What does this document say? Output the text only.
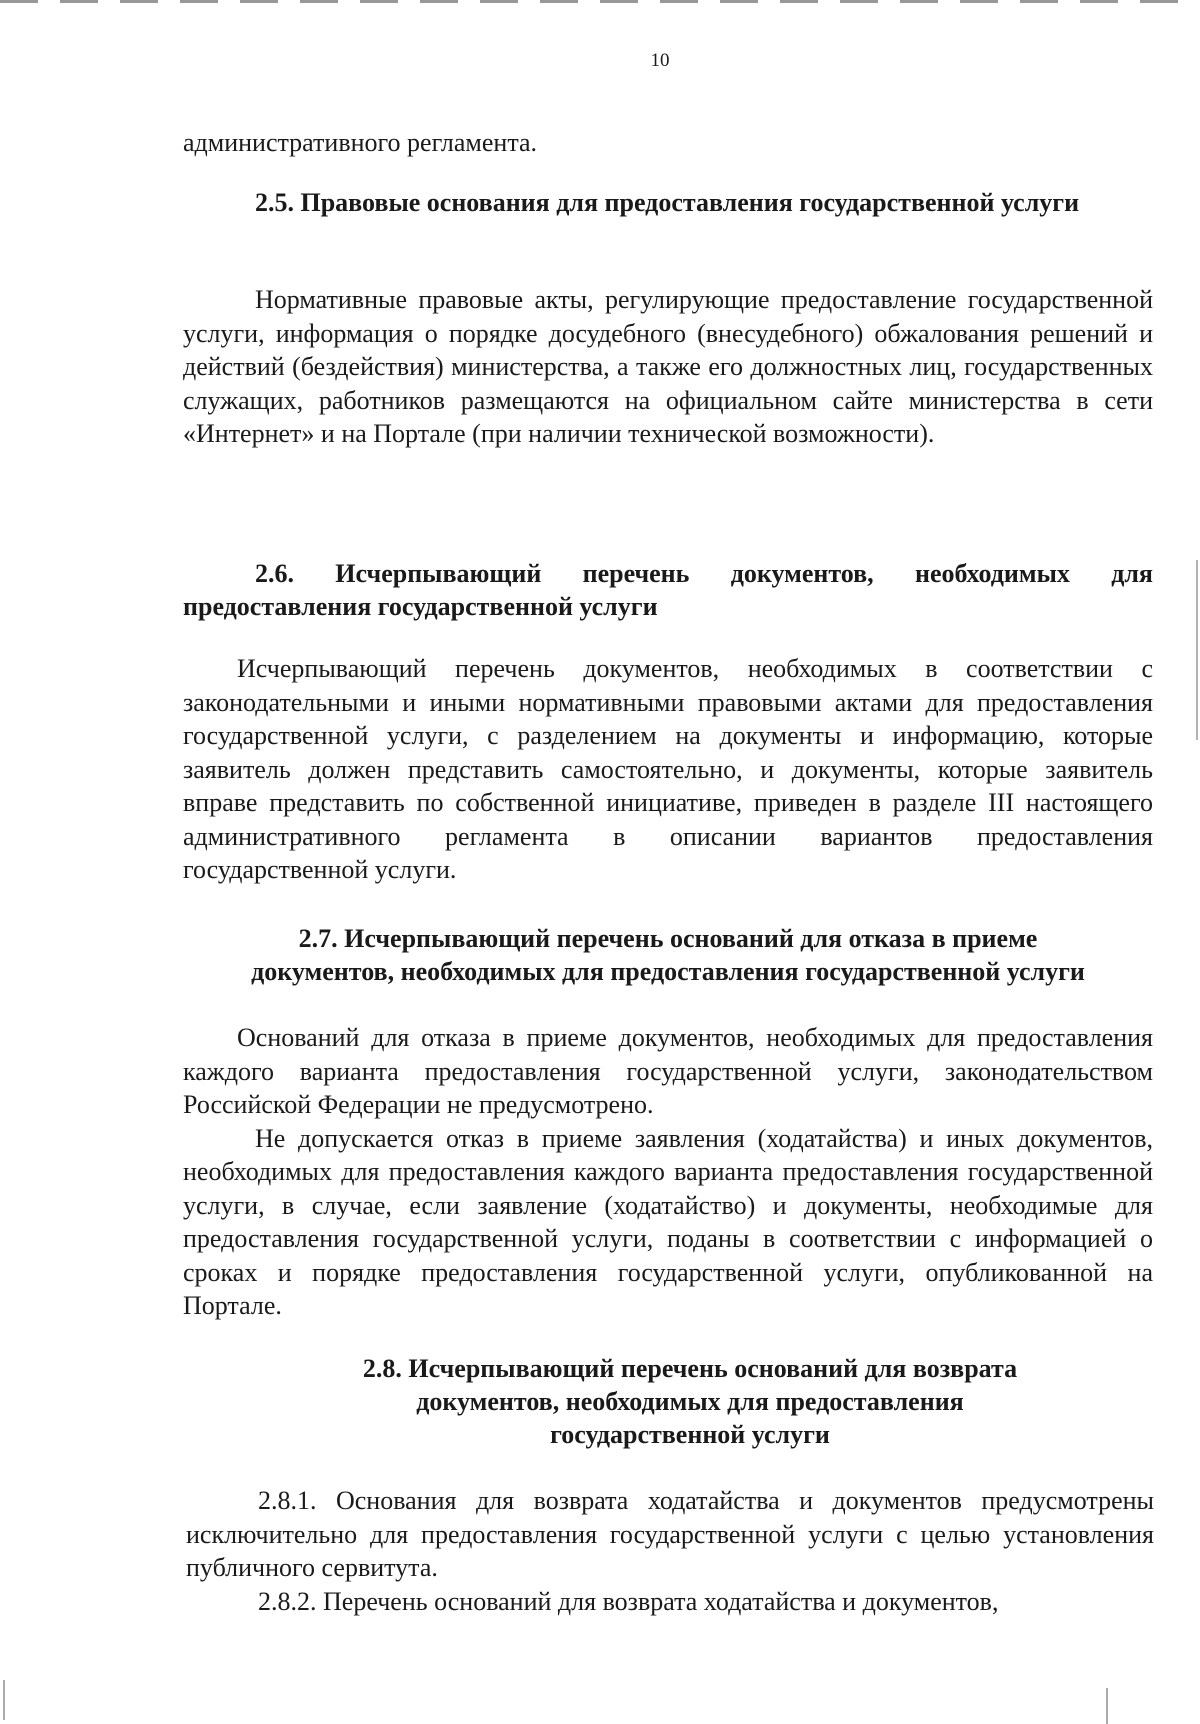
10

административного регламента.

2.5. Правовые основания для предоставления государственной услуги

Нормативные правовые акты, регулирующие предоставление государственной услуги, информация о порядке досудебного (внесудебного) обжалования решений и действий (бездействия) министерства, а также его должностных лиц, государственных служащих, работников размещаются на официальном сайте министерства в сети «Интернет» и на Портале (при наличии технической возможности).

2.6. Исчерпывающий перечень документов, необходимых для предоставления государственной услуги

Исчерпывающий перечень документов, необходимых в соответствии с законодательными и иными нормативными правовыми актами для предоставления государственной услуги, с разделением на документы и информацию, которые заявитель должен представить самостоятельно, и документы, которые заявитель вправе представить по собственной инициативе, приведен в разделе III настоящего административного регламента в описании вариантов предоставления государственной услуги.

2.7. Исчерпывающий перечень оснований для отказа в приеме

документов, необходимых для предоставления государственной услуги

Оснований для отказа в приеме документов, необходимых для предоставления каждого варианта предоставления государственной услуги, законодательством Российской Федерации не предусмотрено.

Не допускается отказ в приеме заявления (ходатайства) и иных документов, необходимых для предоставления каждого варианта предоставления государственной услуги, в случае, если заявление (ходатайство) и документы, необходимые для предоставления государственной услуги, поданы в соответствии с информацией о сроках и порядке предоставления государственной услуги, опубликованной на Портале.

2.8. Исчерпывающий перечень оснований для возврата

документов, необходимых для предоставления

государственной услуги

2.8.1. Основания для возврата ходатайства и документов предусмотрены исключительно для предоставления государственной услуги с целью установления публичного сервитута.

2.8.2. Перечень оснований для возврата ходатайства и документов,
